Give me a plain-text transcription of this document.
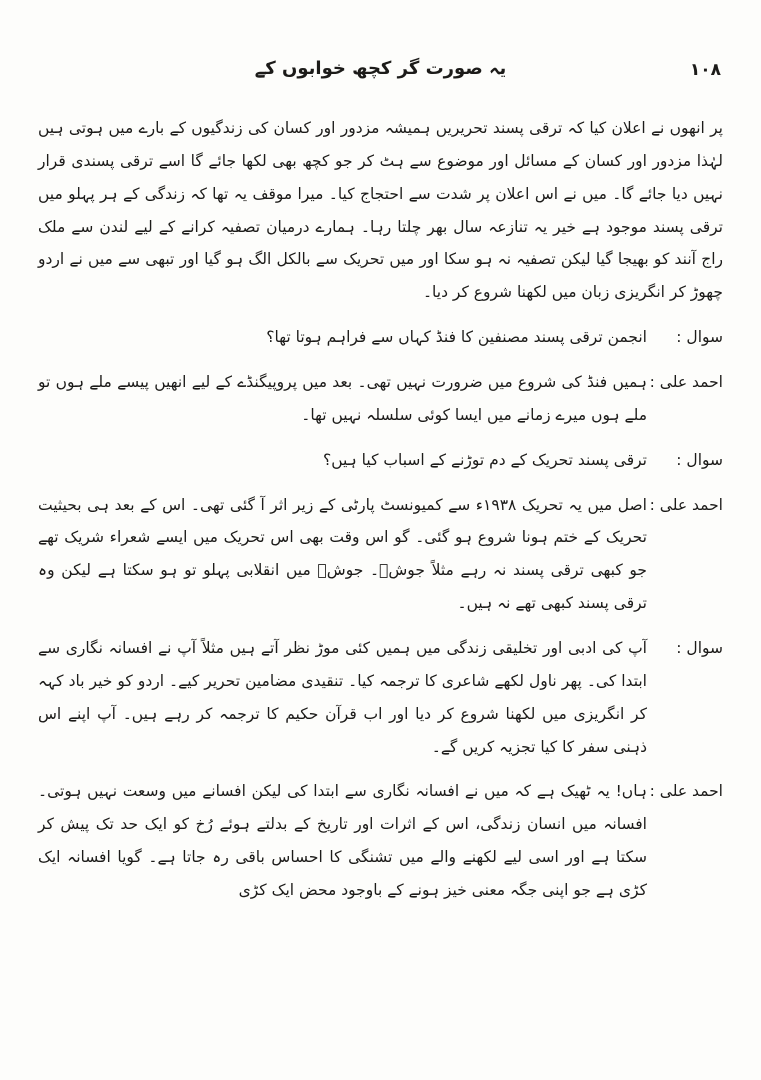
یہ صورت گر کچھ خوابوں کے	۱۰۸

پر انھوں نے اعلان کیا کہ ترقی پسند تحریریں ہمیشہ مزدور اور کسان کی زندگیوں کے بارے میں ہوتی ہیں لہٰذا مزدور اور کسان کے مسائل اور موضوع سے ہٹ کر جو کچھ بھی لکھا جائے گا اسے ترقی پسندی قرار نہیں دیا جائے گا۔ میں نے اس اعلان پر شدت سے احتجاج کیا۔ میرا موقف یہ تھا کہ زندگی کے ہر پہلو میں ترقی پسند موجود ہے خیر یہ تنازعہ سال بھر چلتا رہا۔ ہمارے درمیان تصفیہ کرانے کے لیے لندن سے ملک راج آنند کو بھیجا گیا لیکن تصفیہ نہ ہو سکا اور میں تحریک سے بالکل الگ ہو گیا اور تبھی سے میں نے اردو چھوڑ کر انگریزی زبان میں لکھنا شروع کر دیا۔

سوال :
انجمن ترقی پسند مصنفین کا فنڈ کہاں سے فراہم ہوتا تھا؟
احمد علی :
ہمیں فنڈ کی شروع میں ضرورت نہیں تھی۔ بعد میں پروپیگنڈے کے لیے انھیں پیسے ملے ہوں تو ملے ہوں میرے زمانے میں ایسا کوئی سلسلہ نہیں تھا۔
سوال :
ترقی پسند تحریک کے دم توڑنے کے اسباب کیا ہیں؟
احمد علی :
اصل میں یہ تحریک ۱۹۳۸ء سے کمیونسٹ پارٹی کے زیر اثر آ گئی تھی۔ اس کے بعد ہی بحیثیت تحریک کے ختم ہونا شروع ہو گئی۔ گو اس وقت بھی اس تحریک میں ایسے شعراء شریک تھے جو کبھی ترقی پسند نہ رہے مثلاً جوشؔ۔ جوشؔ میں انقلابی پہلو تو ہو سکتا ہے لیکن وہ ترقی پسند کبھی تھے نہ ہیں۔
سوال :
آپ کی ادبی اور تخلیقی زندگی میں ہمیں کئی موڑ نظر آتے ہیں مثلاً آپ نے افسانہ نگاری سے ابتدا کی۔ پھر ناول لکھے شاعری کا ترجمہ کیا۔ تنقیدی مضامین تحریر کیے۔ اردو کو خیر باد کہہ کر انگریزی میں لکھنا شروع کر دیا اور اب قرآن حکیم کا ترجمہ کر رہے ہیں۔ آپ اپنے اس ذہنی سفر کا کیا تجزیہ کریں گے۔
احمد علی :
ہاں! یہ ٹھیک ہے کہ میں نے افسانہ نگاری سے ابتدا کی لیکن افسانے میں وسعت نہیں ہوتی۔ افسانہ میں انسان زندگی، اس کے اثرات اور تاریخ کے بدلتے ہوئے رُخ کو ایک حد تک پیش کر سکتا ہے اور اسی لیے لکھنے والے میں تشنگی کا احساس باقی رہ جاتا ہے۔ گویا افسانہ ایک کڑی ہے جو اپنی جگہ معنی خیز ہونے کے باوجود محض ایک کڑی
